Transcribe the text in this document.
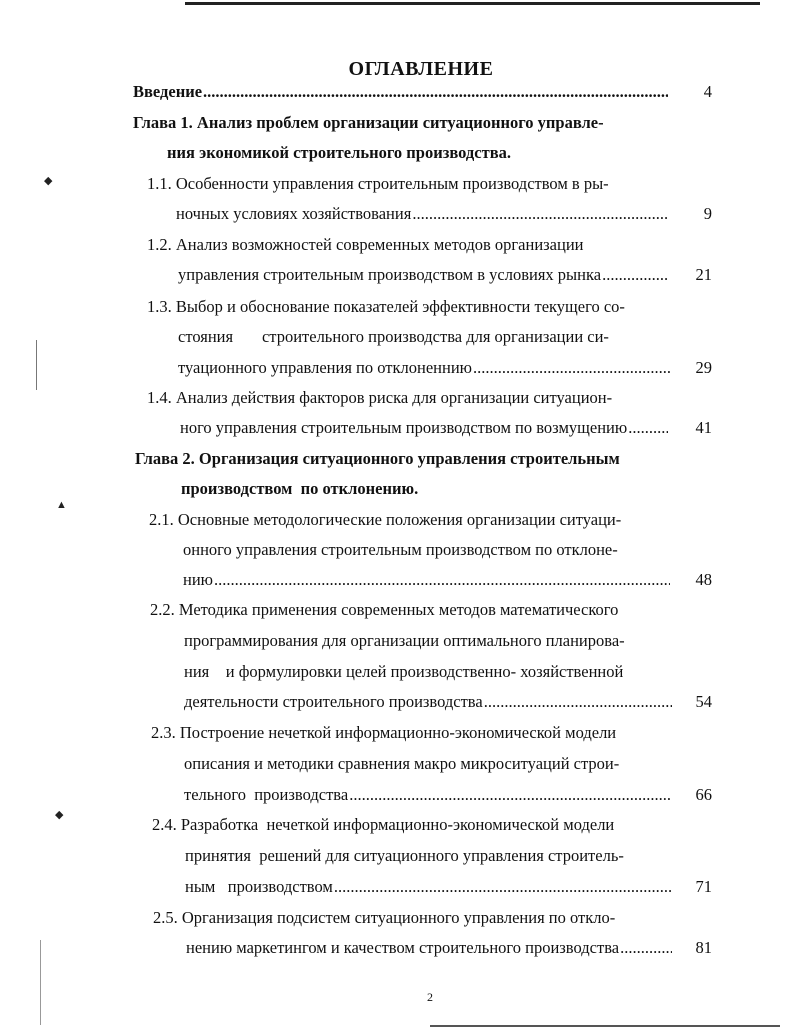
◆
▲
◆
ОГЛАВЛЕНИЕ
Введение .....	4
Глава 1. Анализ проблем организации ситуационного управле-
ния экономикой строительного производства.
1.1. Особенности управления строительным производством в ры-
ночных условиях хозяйствования .....	9
1.2. Анализ возможностей современных методов организации
управления строительным производством в условиях рынка .....	21
1.3. Выбор и обоснование показателей эффективности текущего со-
стояния       строительного производства для организации си-
туационного управления по отклоненнию .....	29
1.4. Анализ действия факторов риска для организации ситуацион-
ного управления строительным производством по возмущению .....	41
Глава 2. Организация ситуационного управления строительным
производством  по отклонению.
2.1. Основные методологические положения организации ситуаци-
онного управления строительным производством по отклоне-
нию .....	48
2.2. Методика применения современных методов математического
программирования для организации оптимального планирова-
ния    и формулировки целей производственно- хозяйственной
деятельности строительного производства .....	54
2.3. Построение нечеткой информационно-экономической модели
описания и методики сравнения макро микроситуаций строи-
тельного  производства .....	66
2.4. Разработка  нечеткой информационно-экономической модели
принятия  решений для ситуационного управления строитель-
ным   производством .....	71
2.5. Организация подсистем ситуационного управления по откло-
нению маркетингом и качеством строительного производства .....	81
2
